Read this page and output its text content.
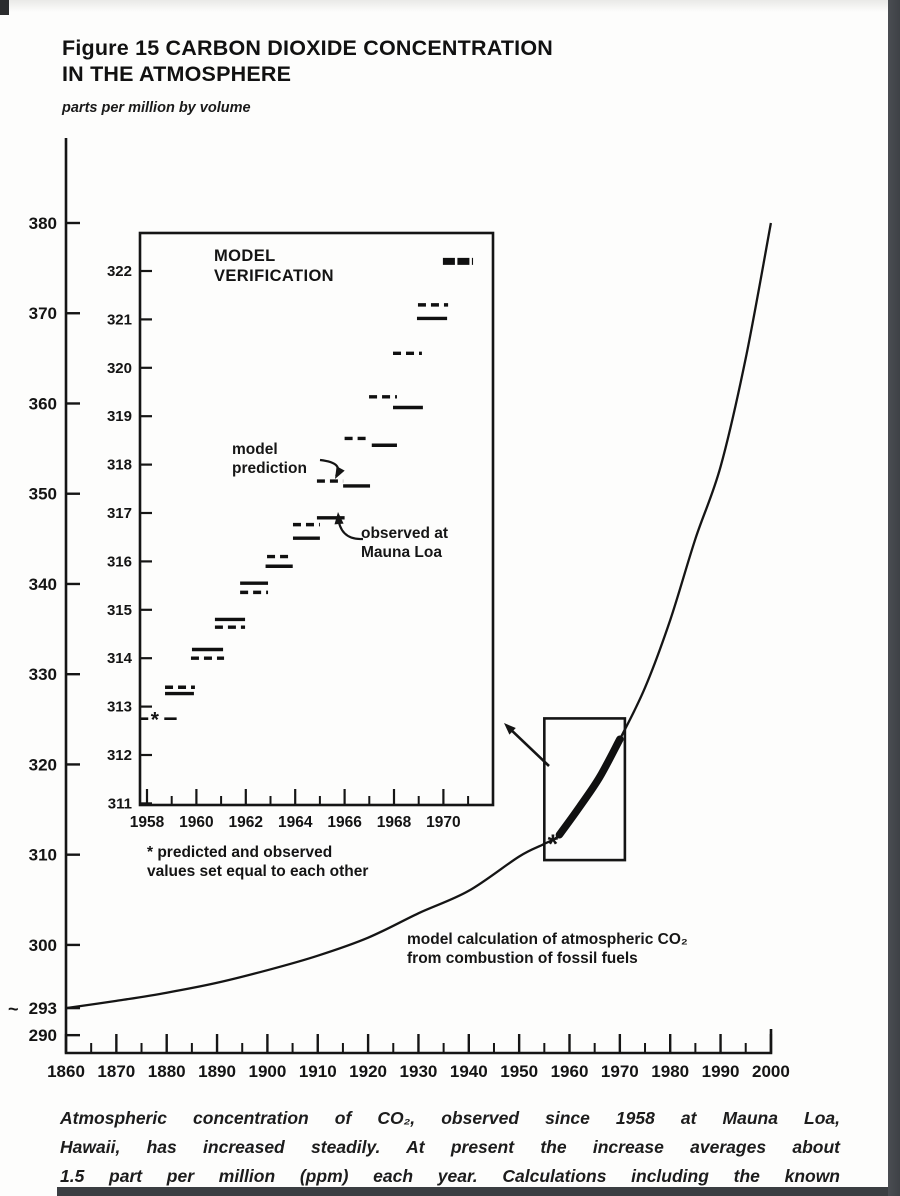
Figure 15 CARBON DIOXIDE CONCENTRATION
IN THE ATMOSPHERE
parts per million by volume
380
370
360
350
340
330
320
310
300
293
290
~
1860 1870 1880 1890 1900 1910 1920 1930 1940 1950 1960 1970 1980 1990 2000
*
322
321
320
319
318
317
316
315
314
313
312
311
1958 1960 1962 1964 1966 1968 1970
*
MODEL
VERIFICATION
model
prediction
observed at
Mauna Loa
* predicted and observed
values set equal to each other
model calculation of atmospheric CO₂
from combustion of fossil fuels
Atmospheric concentration of CO₂, observed since 1958 at Mauna Loa,
Hawaii, has increased steadily. At present the increase averages about
1.5 part per million (ppm) each year. Calculations including the known
